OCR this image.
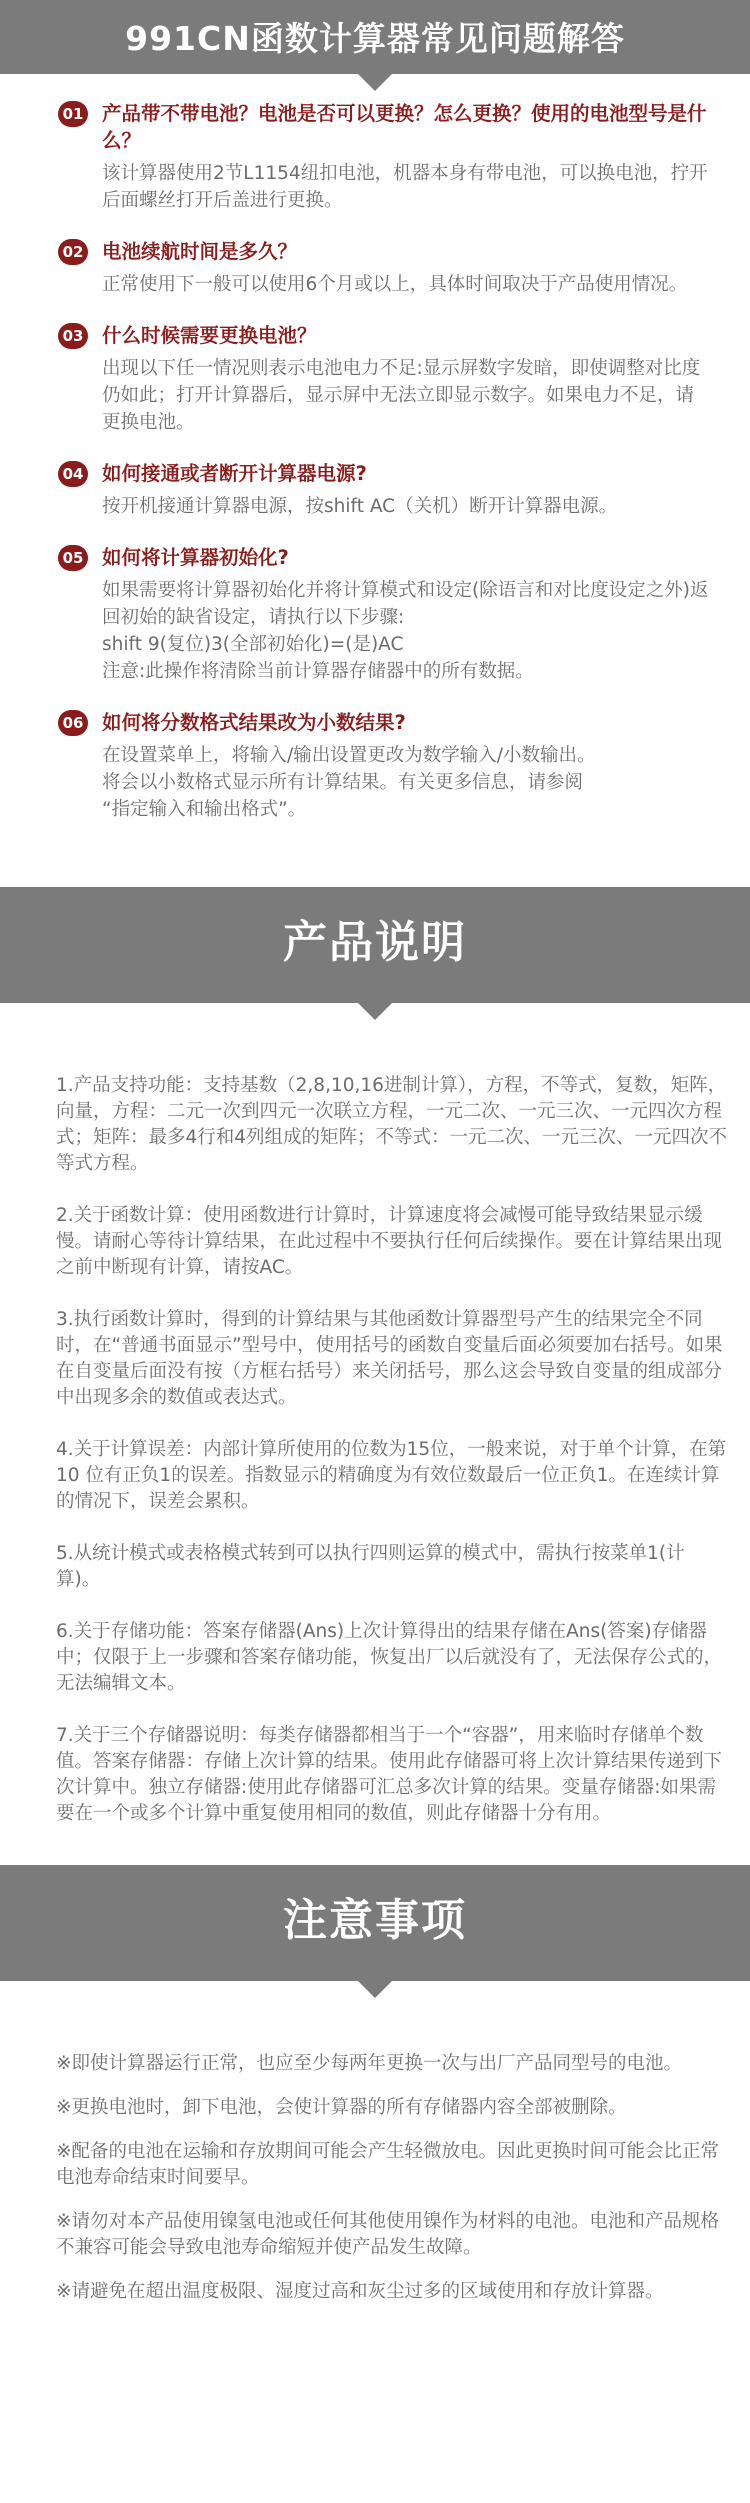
991CN函数计算器常见问题解答
01 产品带不带电池？电池是否可以更换？怎么更换？使用的电池型号是什么？
该计算器使用2节L1154纽扣电池，机器本身有带电池，可以换电池，拧开后面螺丝打开后盖进行更换。
02 电池续航时间是多久？
正常使用下一般可以使用6个月或以上，具体时间取决于产品使用情况。
03 什么时候需要更换电池？
出现以下任一情况则表示电池电力不足:显示屏数字发暗，即使调整对比度仍如此；打开计算器后，显示屏中无法立即显示数字。如果电力不足，请更换电池。
04 如何接通或者断开计算器电源?
按开机接通计算器电源，按shift AC（关机）断开计算器电源。
05 如何将计算器初始化?
如果需要将计算器初始化并将计算模式和设定(除语言和对比度设定之外)返回初始的缺省设定，请执行以下步骤:
shift 9(复位)3(全部初始化)=(是)AC
注意:此操作将清除当前计算器存储器中的所有数据。
06 如何将分数格式结果改为小数结果?
在设置菜单上，将输入/输出设置更改为数学输入/小数输出。
将会以小数格式显示所有计算结果。有关更多信息，请参阅
“指定输入和输出格式”。
产品说明
1.产品支持功能：支持基数（2,8,10,16进制计算），方程，不等式，复数，矩阵，向量，方程：二元一次到四元一次联立方程，一元二次、一元三次、一元四次方程式；矩阵：最多4行和4列组成的矩阵；不等式：一元二次、一元三次、一元四次不等式方程。
2.关于函数计算：使用函数进行计算时，计算速度将会减慢可能导致结果显示缓慢。请耐心等待计算结果，在此过程中不要执行任何后续操作。要在计算结果出现之前中断现有计算，请按AC。
3.执行函数计算时，得到的计算结果与其他函数计算器型号产生的结果完全不同时，在“普通书面显示”型号中，使用括号的函数自变量后面必须要加右括号。如果在自变量后面没有按（方框右括号）来关闭括号，那么这会导致自变量的组成部分中出现多余的数值或表达式。
4.关于计算误差：内部计算所使用的位数为15位，一般来说，对于单个计算，在第10 位有正负1的误差。指数显示的精确度为有效位数最后一位正负1。在连续计算的情况下，误差会累积。
5.从统计模式或表格模式转到可以执行四则运算的模式中，需执行按菜单1(计算)。
6.关于存储功能：答案存储器(Ans)上次计算得出的结果存储在Ans(答案)存储器中；仅限于上一步骤和答案存储功能，恢复出厂以后就没有了，无法保存公式的，无法编辑文本。
7.关于三个存储器说明：每类存储器都相当于一个“容器”，用来临时存储单个数值。答案存储器：存储上次计算的结果。使用此存储器可将上次计算结果传递到下次计算中。独立存储器:使用此存储器可汇总多次计算的结果。变量存储器:如果需要在一个或多个计算中重复使用相同的数值，则此存储器十分有用。
注意事项
※即使计算器运行正常，也应至少每两年更换一次与出厂产品同型号的电池。
※更换电池时，卸下电池，会使计算器的所有存储器内容全部被删除。
※配备的电池在运输和存放期间可能会产生轻微放电。因此更换时间可能会比正常电池寿命结束时间要早。
※请勿对本产品使用镍氢电池或任何其他使用镍作为材料的电池。电池和产品规格不兼容可能会导致电池寿命缩短并使产品发生故障。
※请避免在超出温度极限、湿度过高和灰尘过多的区域使用和存放计算器。
